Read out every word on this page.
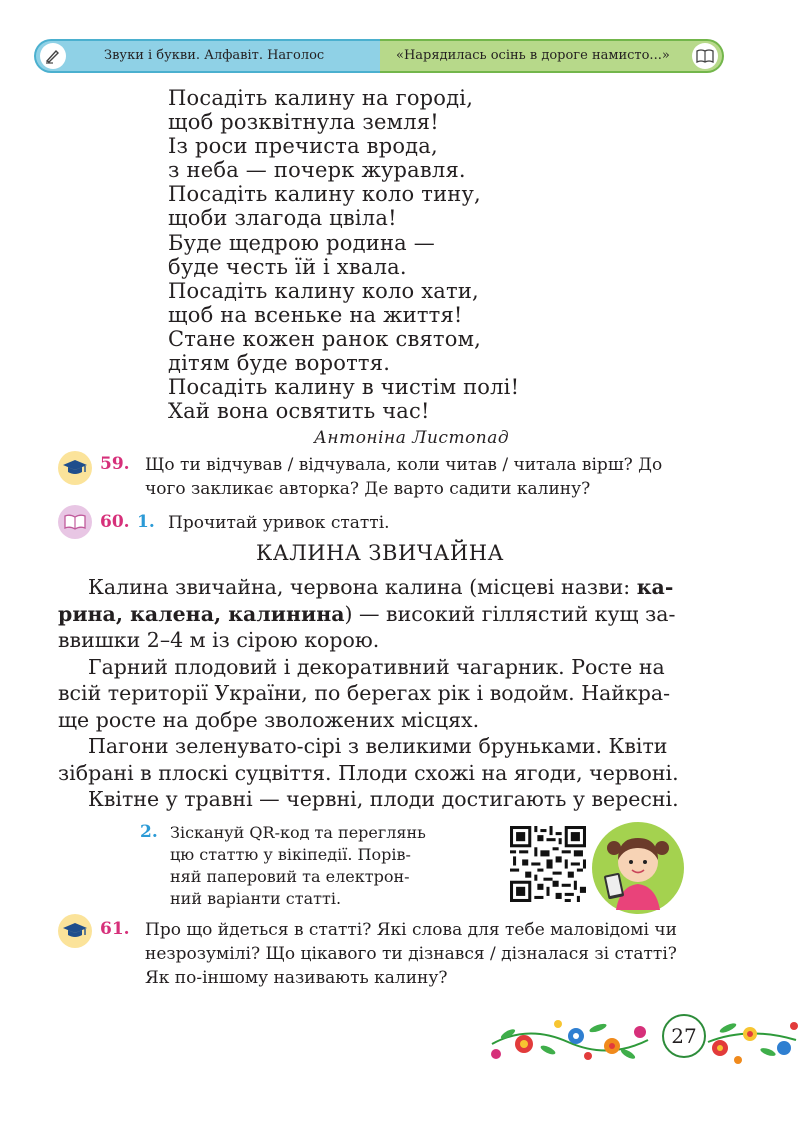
Звуки і букви. Алфавіт. Наголос	«Нарядилась осінь в дороге намисто...»
Посадіть калину на городі,
щоб розквітнула земля!
Із роси пречиста врода,
з неба — почерк журавля.
Посадіть калину коло тину,
щоби злагода цвіла!
Буде щедрою родина —
буде честь їй і хвала.
Посадіть калину коло хати,
щоб на всеньке на життя!
Стане кожен ранок святом,
дітям буде вороття.
Посадіть калину в чистім полі!
Хай вона освятить час!
Антоніна Листопад
59. Що ти відчував / відчувала, коли читав / читала вірш? До
чого закликає авторка? Де варто садити калину?
60. 1. Прочитай уривок статті.
КАЛИНА ЗВИЧАЙНА
Калина звичайна, червона калина (місцеві назви: ка-
рина, калена, калинина) — високий гіллястий кущ за-
ввишки 2–4 м із сірою корою.
Гарний плодовий і декоративний чагарник. Росте на
всій території України, по берегах рік і водойм. Найкра-
ще росте на добре зволожених місцях.
Пагони зеленувато-сірі з великими бруньками. Квіти
зібрані в плоскі суцвіття. Плоди схожі на ягоди, червоні.
Квітне у травні — червні, плоди достигають у вересні.
2. Зіскануй QR-код та переглянь
цю статтю у вікіпедії. Порів-
няй паперовий та електрон-
ний варіанти статті.
61. Про що йдеться в статті? Які слова для тебе маловідомі чи
незрозумілі? Що цікавого ти дізнався / дізналася зі статті?
Як по-іншому називають калину?
27
